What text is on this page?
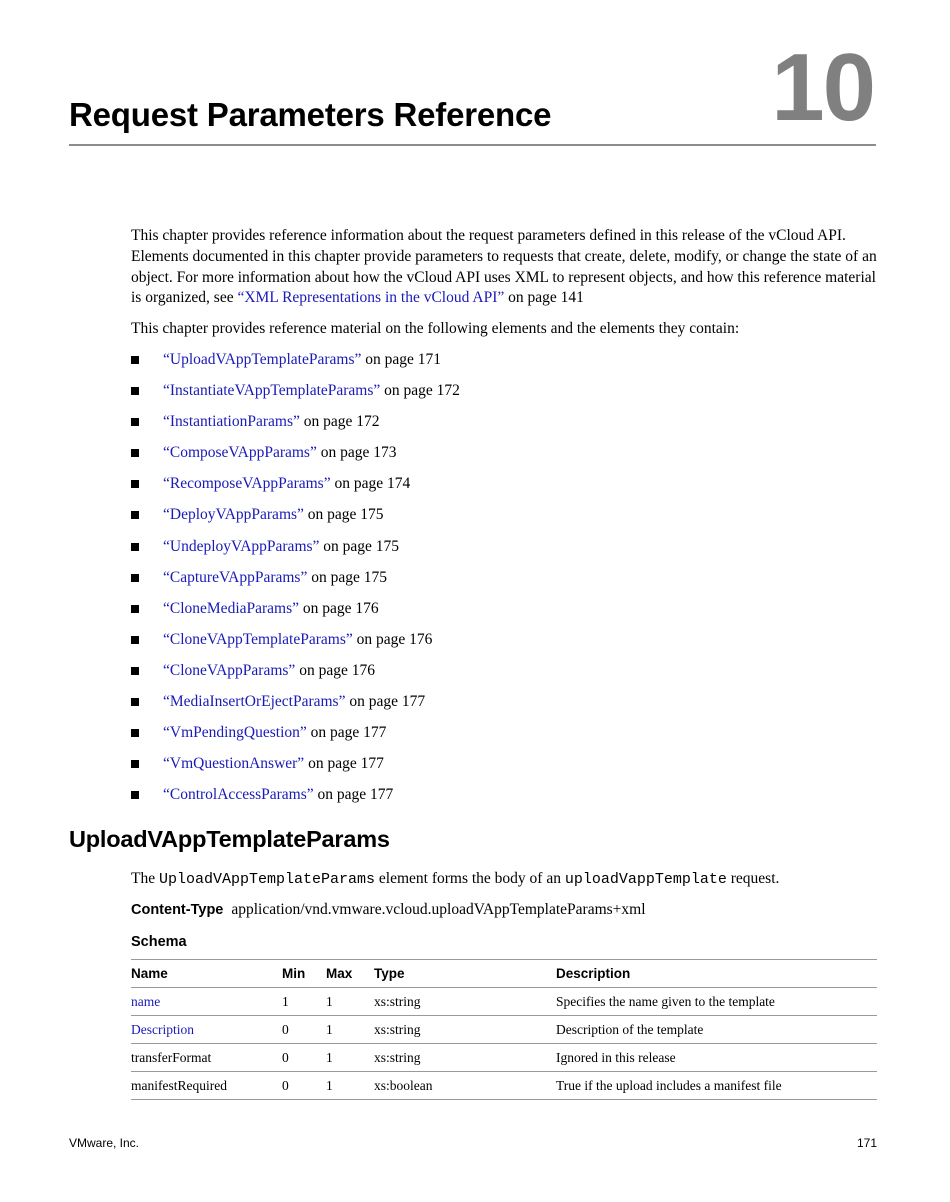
Request Parameters Reference 10

This chapter provides reference information about the request parameters defined in this release of the vCloud API. Elements documented in this chapter provide parameters to requests that create, delete, modify, or change the state of an object. For more information about how the vCloud API uses XML to represent objects, and how this reference material is organized, see “XML Representations in the vCloud API” on page 141

This chapter provides reference material on the following elements and the elements they contain:

“UploadVAppTemplateParams” on page 171
“InstantiateVAppTemplateParams” on page 172
“InstantiationParams” on page 172
“ComposeVAppParams” on page 173
“RecomposeVAppParams” on page 174
“DeployVAppParams” on page 175
“UndeployVAppParams” on page 175
“CaptureVAppParams” on page 175
“CloneMediaParams” on page 176
“CloneVAppTemplateParams” on page 176
“CloneVAppParams” on page 176
“MediaInsertOrEjectParams” on page 177
“VmPendingQuestion” on page 177
“VmQuestionAnswer” on page 177
“ControlAccessParams” on page 177
UploadVAppTemplateParams

The UploadVAppTemplateParams element forms the body of an uploadVappTemplate request.

Content-Type application/vnd.vmware.vcloud.uploadVAppTemplateParams+xml
Schema
Name	Min	Max	Type	Description
name	1	1	xs:string	Specifies the name given to the template
Description	0	1	xs:string	Description of the template
transferFormat	0	1	xs:string	Ignored in this release
manifestRequired	0	1	xs:boolean	True if the upload includes a manifest file
VMware, Inc.	171
